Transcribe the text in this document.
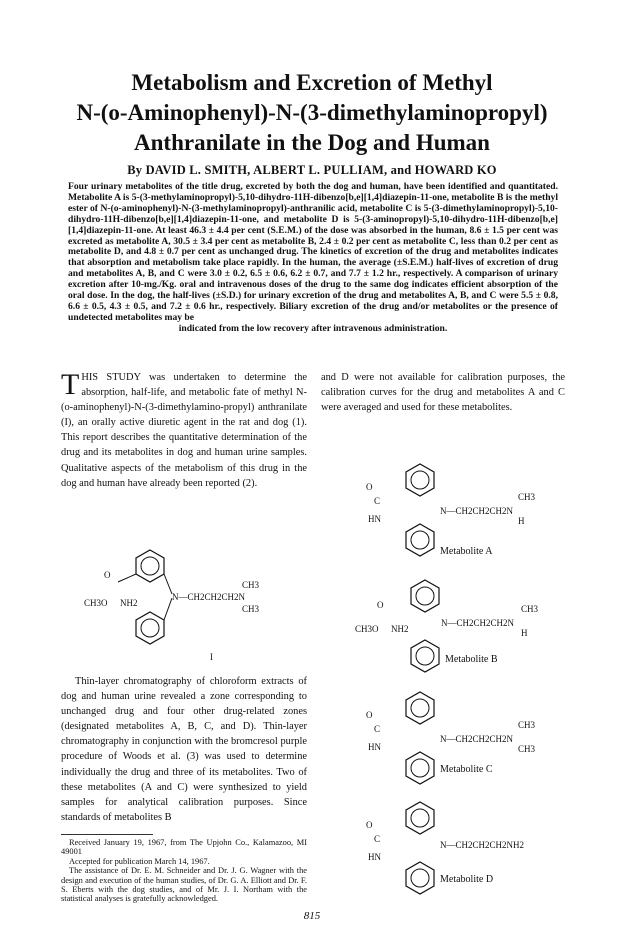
Metabolism and Excretion of Methyl
N-(o-Aminophenyl)-N-(3-dimethylaminopropyl)
Anthranilate in the Dog and Human
By DAVID L. SMITH, ALBERT L. PULLIAM, and HOWARD KO
Four urinary metabolites of the title drug, excreted by both the dog and human, have been identified and quantitated. Metabolite A is 5-(3-methylaminopropyl)-5,10-dihydro-11H-dibenzo[b,e][1,4]diazepin-11-one, metabolite B is the methyl ester of N-(o-aminophenyl)-N-(3-methylaminopropyl)-anthranilic acid, metabolite C is 5-(3-dimethylaminopropyl)-5,10-dihydro-11H-dibenzo[b,e][1,4]diazepin-11-one, and metabolite D is 5-(3-aminopropyl)-5,10-dihydro-11H-dibenzo[b,e][1,4]diazepin-11-one. At least 46.3 ± 4.4 per cent (S.E.M.) of the dose was absorbed in the human, 8.6 ± 1.5 per cent was excreted as metabolite A, 30.5 ± 3.4 per cent as metabolite B, 2.4 ± 0.2 per cent as metabolite C, less than 0.2 per cent as metabolite D, and 4.8 ± 0.7 per cent as unchanged drug. The kinetics of excretion of the drug and metabolites indicates that absorption and metabolism take place rapidly. In the human, the average (±S.E.M.) half-lives of excretion of drug and metabolites A, B, and C were 3.0 ± 0.2, 6.5 ± 0.6, 6.2 ± 0.7, and 7.7 ± 1.2 hr., respectively. A comparison of urinary excretion after 10-mg./Kg. oral and intravenous doses of the drug to the same dog indicates efficient absorption of the oral dose. In the dog, the half-lives (±S.D.) for urinary excretion of the drug and metabolites A, B, and C were 5.5 ± 0.8, 6.6 ± 0.5, 4.3 ± 0.5, and 7.2 ± 0.6 hr., respectively. Biliary excretion of the drug and/or metabolites or the presence of undetected metabolites may be
indicated from the low recovery after intravenous administration.
T HIS STUDY was undertaken to determine the absorption, half-life, and metabolic fate of methyl N-(o-aminophenyl)-N-(3-dimethylamino-propyl) anthranilate (I), an orally active diuretic agent in the rat and dog (1). This report describes the quantitative determination of the drug and its metabolites in dog and human urine samples. Qualitative aspects of the metabolism of this drug in the dog and human have already been reported (2).
O
CH3O NH2
N—CH2CH2CH2N
CH3
CH3
I

Thin-layer chromatography of chloroform extracts of dog and human urine revealed a zone corresponding to unchanged drug and four other drug-related zones (designated metabolites A, B, C, and D). Thin-layer chromatography in conjunction with the bromcresol purple procedure of Woods et al. (3) was used to determine individually the drug and three of its metabolites. Two of these metabolites (A and C) were synthesized to yield samples for analytical calibration purposes. Since standards of metabolites B

and D were not available for calibration purposes, the calibration curves for the drug and metabolites A and C were averaged and used for these metabolites.
O
C
HN
N—CH2CH2CH2N
CH3
H
Metabolite A
O
CH3O NH2
N—CH2CH2CH2N
CH3
H
Metabolite B
O
C
HN
N—CH2CH2CH2N
CH3
CH3
Metabolite C
O
C
HN
N—CH2CH2CH2NH2
Metabolite D
Received January 19, 1967, from The Upjohn Co., Kalamazoo, MI 49001
Accepted for publication March 14, 1967.
The assistance of Dr. E. M. Schneider and Dr. J. G. Wagner with the design and execution of the human studies, of Dr. G. A. Elliott and Dr. F. S. Eberts with the dog studies, and of Mr. J. I. Northam with the statistical analyses is gratefully acknowledged.
815
